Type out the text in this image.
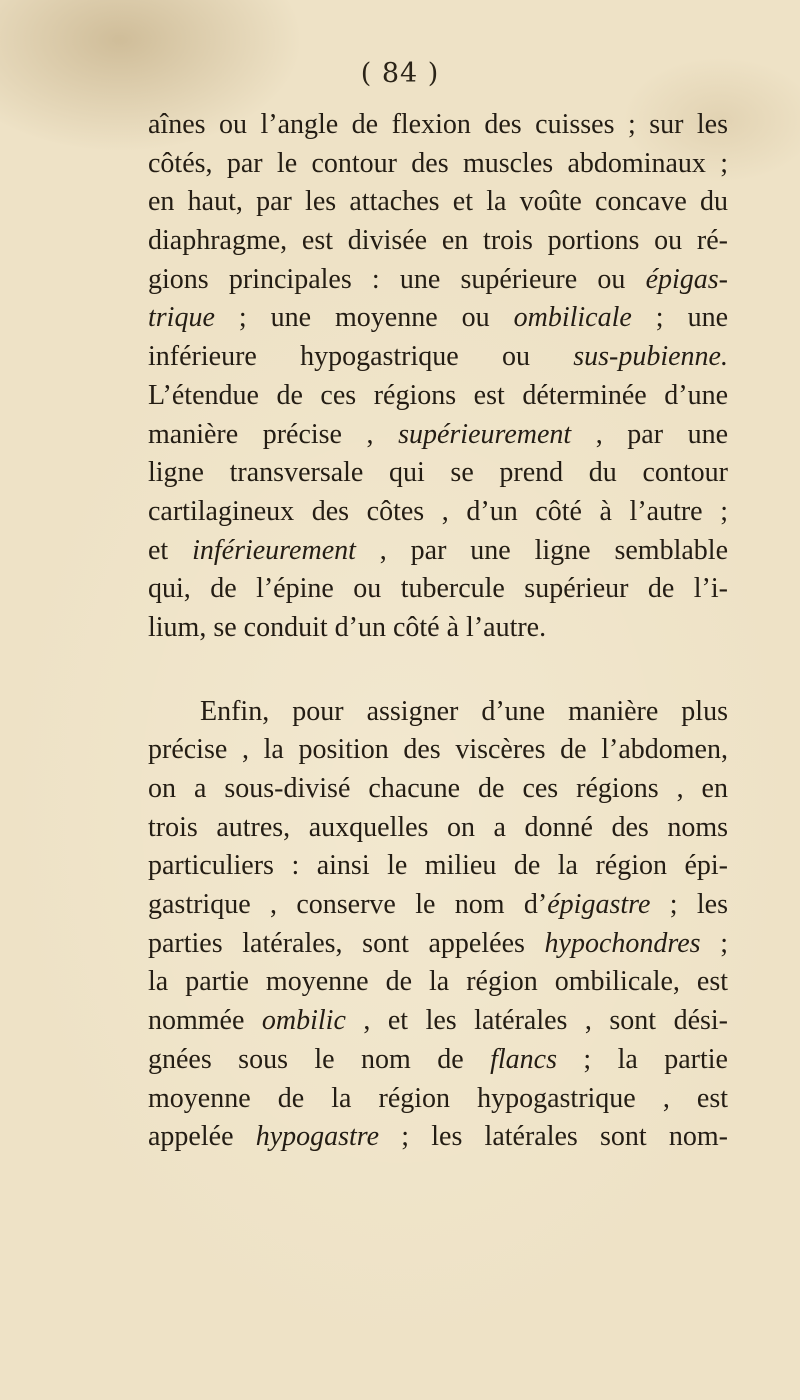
( 84 )
aînes ou l’angle de flexion des cuisses ; sur les
côtés, par le contour des muscles abdominaux ;
en haut, par les attaches et la voûte concave du
diaphragme, est divisée en trois portions ou ré-
gions principales : une supérieure ou épigas-
trique ; une moyenne ou ombilicale ; une
inférieure hypogastrique ou sus-pubienne.
L’étendue de ces régions est déterminée d’une
manière précise , supérieurement , par une
ligne transversale qui se prend du contour
cartilagineux des côtes , d’un côté à l’autre ;
et inférieurement , par une ligne semblable
qui, de l’épine ou tubercule supérieur de l’i-
lium, se conduit d’un côté à l’autre.
Enfin, pour assigner d’une manière plus
précise , la position des viscères de l’abdomen,
on a sous-divisé chacune de ces régions , en
trois autres, auxquelles on a donné des noms
particuliers : ainsi le milieu de la région épi-
gastrique , conserve le nom d’épigastre ; les
parties latérales, sont appelées hypochondres ;
la partie moyenne de la région ombilicale, est
nommée ombilic , et les latérales , sont dési-
gnées sous le nom de flancs ; la partie
moyenne de la région hypogastrique , est
appelée hypogastre ; les latérales sont nom-
